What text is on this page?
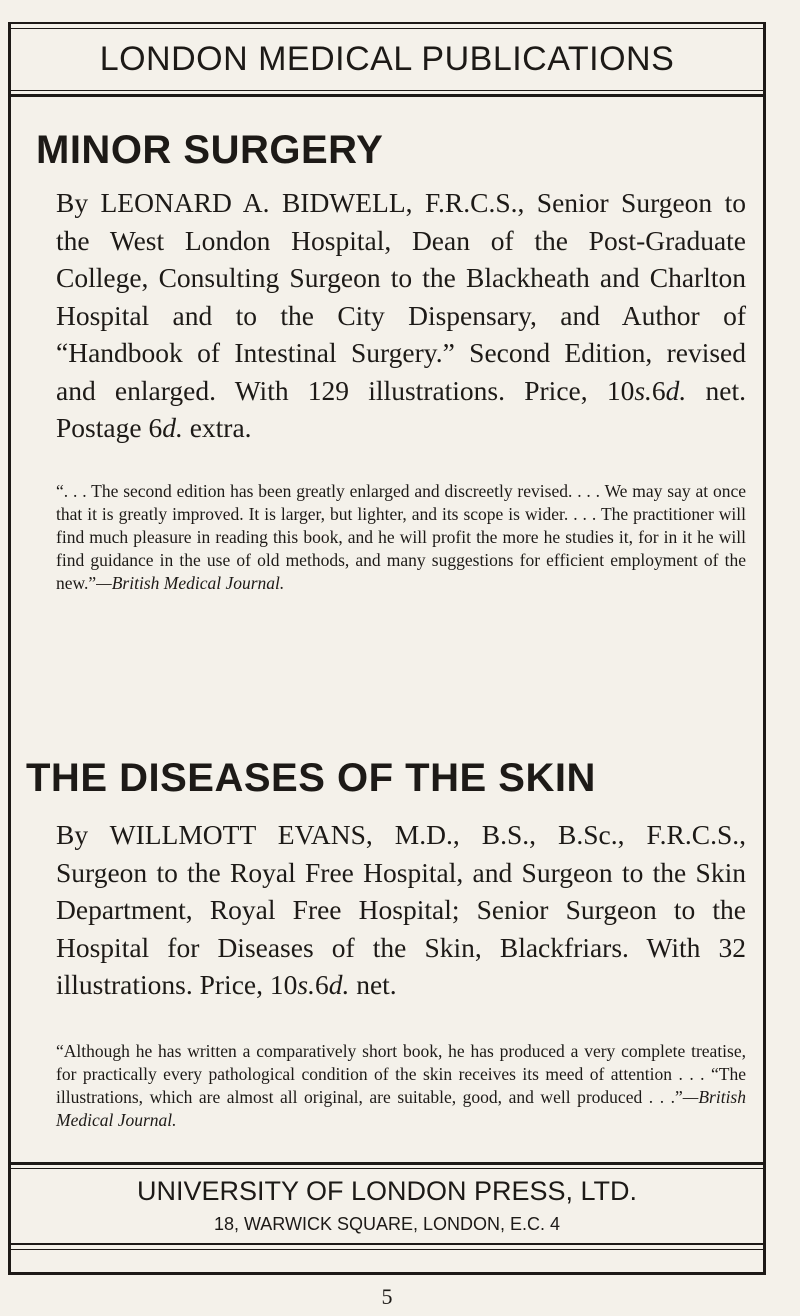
LONDON MEDICAL PUBLICATIONS
MINOR SURGERY
By LEONARD A. BIDWELL, F.R.C.S., Senior Surgeon to the West London Hospital, Dean of the Post-Graduate College, Consulting Surgeon to the Blackheath and Charlton Hospital and to the City Dispensary, and Author of “Handbook of Intestinal Surgery.” Second Edition, revised and enlarged. With 129 illustrations. Price, 10s.6d. net. Postage 6d. extra.
“. . . The second edition has been greatly enlarged and discreetly revised. . . . We may say at once that it is greatly improved. It is larger, but lighter, and its scope is wider. . . . The practitioner will find much pleasure in reading this book, and he will profit the more he studies it, for in it he will find guidance in the use of old methods, and many suggestions for efficient employment of the new.”—British Medical Journal.
THE DISEASES OF THE SKIN
By WILLMOTT EVANS, M.D., B.S., B.Sc., F.R.C.S., Surgeon to the Royal Free Hospital, and Surgeon to the Skin Department, Royal Free Hospital; Senior Surgeon to the Hospital for Diseases of the Skin, Blackfriars. With 32 illustrations. Price, 10s.6d. net.
“Although he has written a comparatively short book, he has produced a very complete treatise, for practically every pathological condition of the skin receives its meed of attention . . . “The illustrations, which are almost all original, are suitable, good, and well produced . . .”—British Medical Journal.
UNIVERSITY OF LONDON PRESS, LTD.
18, WARWICK SQUARE, LONDON, E.C. 4
5
